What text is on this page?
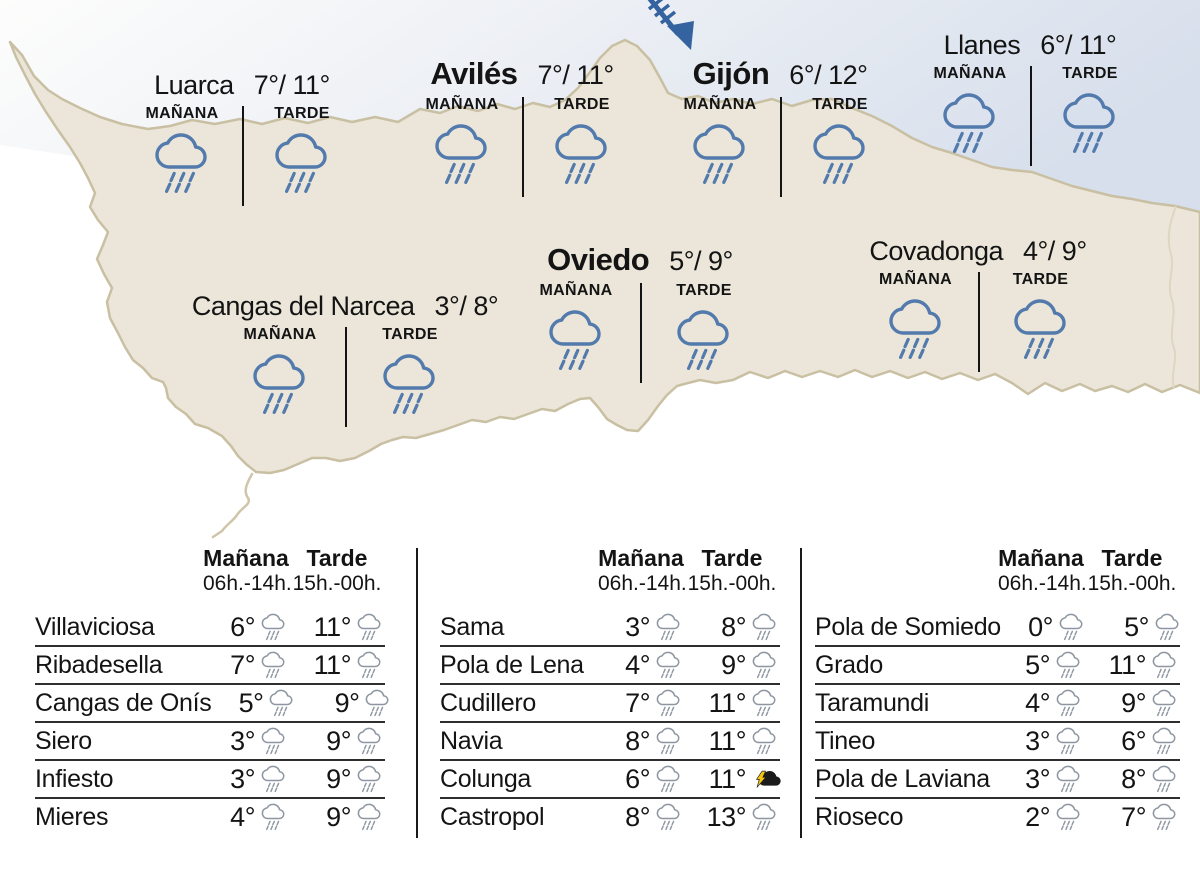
Luarca 7°/ 11°
MAÑANA	TARDE
Avilés 7°/ 11°
MAÑANA	TARDE
Gijón 6°/ 12°
MAÑANA	TARDE
Llanes 6°/ 11°
MAÑANA	TARDE
Oviedo 5°/ 9°
MAÑANA	TARDE
Covadonga 4°/ 9°
MAÑANA	TARDE
Cangas del Narcea 3°/ 8°
MAÑANA	TARDE
Mañana Tarde
06h.-14h. 15h.-00h.
Villaviciosa	6° 11°
Ribadesella	7° 11°
Cangas de Onís 5°	9°
Siero	3°	9°
Infiesto	3°	9°
Mieres	4°	9°
Mañana Tarde
06h.-14h. 15h.-00h.
Sama	3°	8°
Pola de Lena	4°	9°
Cudillero	7° 11°
Navia	8° 11°
Colunga	6° 11°
Castropol	8° 13°
Mañana Tarde
06h.-14h. 15h.-00h.
Pola de Somiedo 0°	5°
Grado	5° 11°
Taramundi	4°	9°
Tineo	3°	6°
Pola de Laviana	3°	8°
Rioseco	2°	7°
